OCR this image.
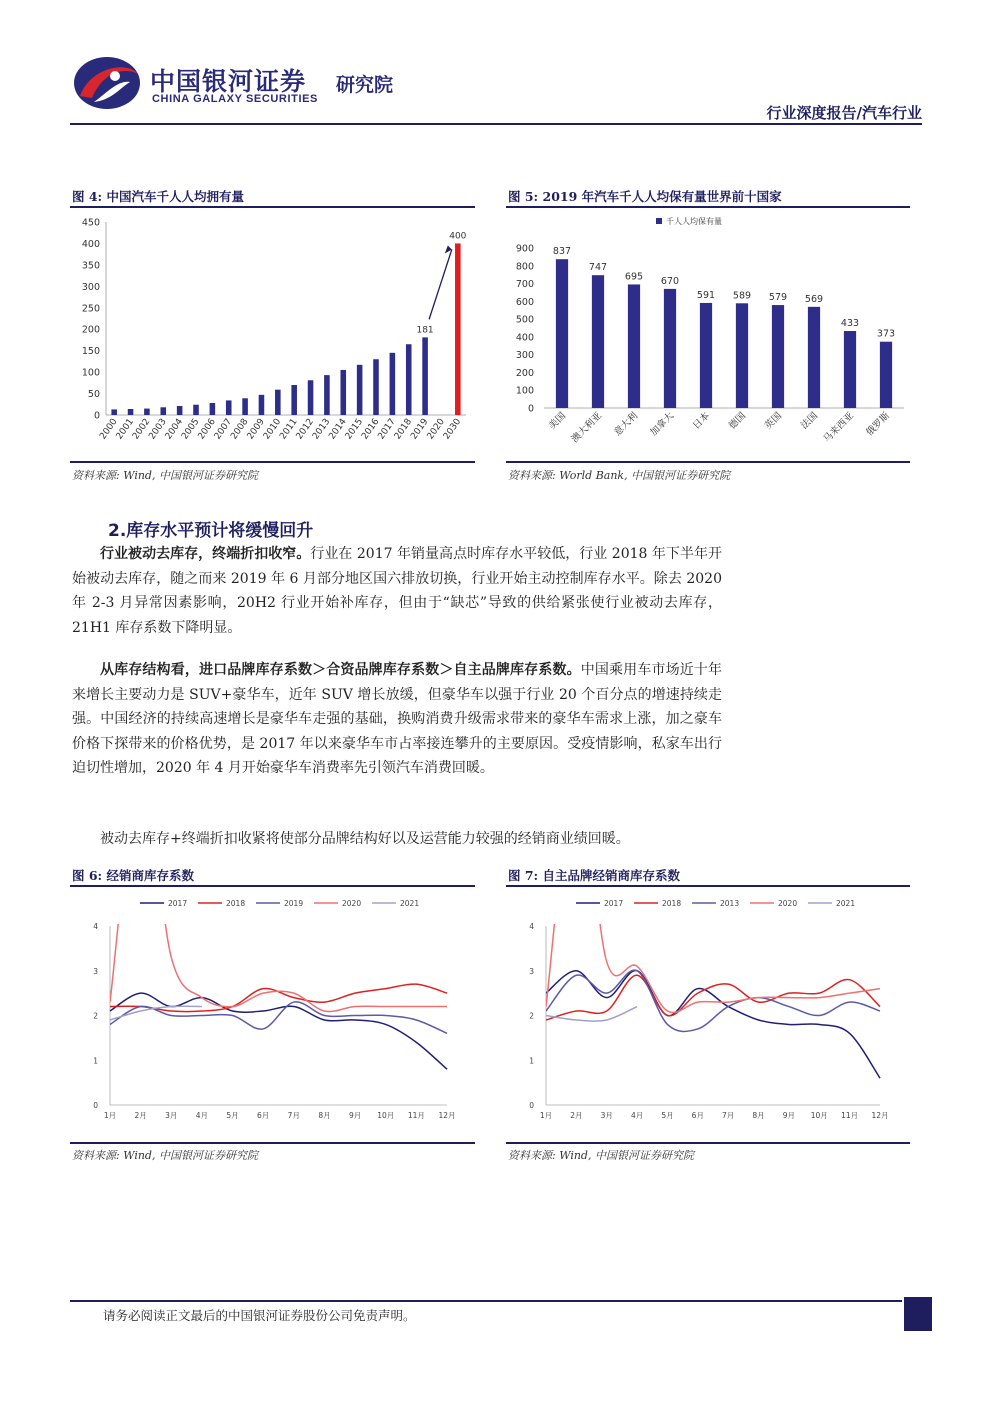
中国银河证券
CHINA GALAXY SECURITIES
研究院
行业深度报告/汽车行业
图 4: 中国汽车千人人均拥有量
0
50
100
150
200
250
300
350
400
450
2000
2001
2002
2003
2004
2005
2006
2007
2008
2009
2010
2011
2012
2013
2014
2015
2016
2017
2018
181
2019
2020
400
2030
资料来源: Wind, 中国银河证券研究院
图 5: 2019 年汽车千人人均保有量世界前十国家
千人人均保有量
0
100
200
300
400
500
600
700
800
900 837
美国
747
澳大利亚
695
意大利
670
加拿大
591
日本
589
德国
579
英国
569
法国
433
马来西亚
373
俄罗斯
资料来源: World Bank, 中国银河证券研究院
2.库存水平预计将缓慢回升
行业被动去库存，终端折扣收窄。行业在 2017 年销量高点时库存水平较低，行业 2018 年下半年开始被动去库存，随之而来 2019 年 6 月部分地区国六排放切换，行业开始主动控制库存水平。除去 2020 年 2-3 月异常因素影响，20H2 行业开始补库存，但由于“缺芯”导致的供给紧张使行业被动去库存，21H1 库存系数下降明显。
从库存结构看，进口品牌库存系数＞合资品牌库存系数＞自主品牌库存系数。中国乘用车市场近十年来增长主要动力是 SUV+豪华车，近年 SUV 增长放缓，但豪华车以强于行业 20 个百分点的增速持续走强。中国经济的持续高速增长是豪华车走强的基础，换购消费升级需求带来的豪华车需求上涨，加之豪车价格下探带来的价格优势，是 2017 年以来豪华车市占率接连攀升的主要原因。受疫情影响，私家车出行迫切性增加，2020 年 4 月开始豪华车消费率先引领汽车消费回暖。
被动去库存+终端折扣收紧将使部分品牌结构好以及运营能力较强的经销商业绩回暖。
图 6: 经销商库存系数
2017	2018	2019	2020	2021
0
1
2
3
4
1月 2月 3月 4月 5月 6月 7月 8月 9月 10月 11月 12月
资料来源: Wind, 中国银河证券研究院
图 7: 自主品牌经销商库存系数
2017	2018	2013	2020	2021
0
1
2
3
4
1月 2月 3月 4月 5月 6月 7月 8月 9月 10月 11月 12月
资料来源: Wind, 中国银河证券研究院
请务必阅读正文最后的中国银河证券股份公司免责声明。
